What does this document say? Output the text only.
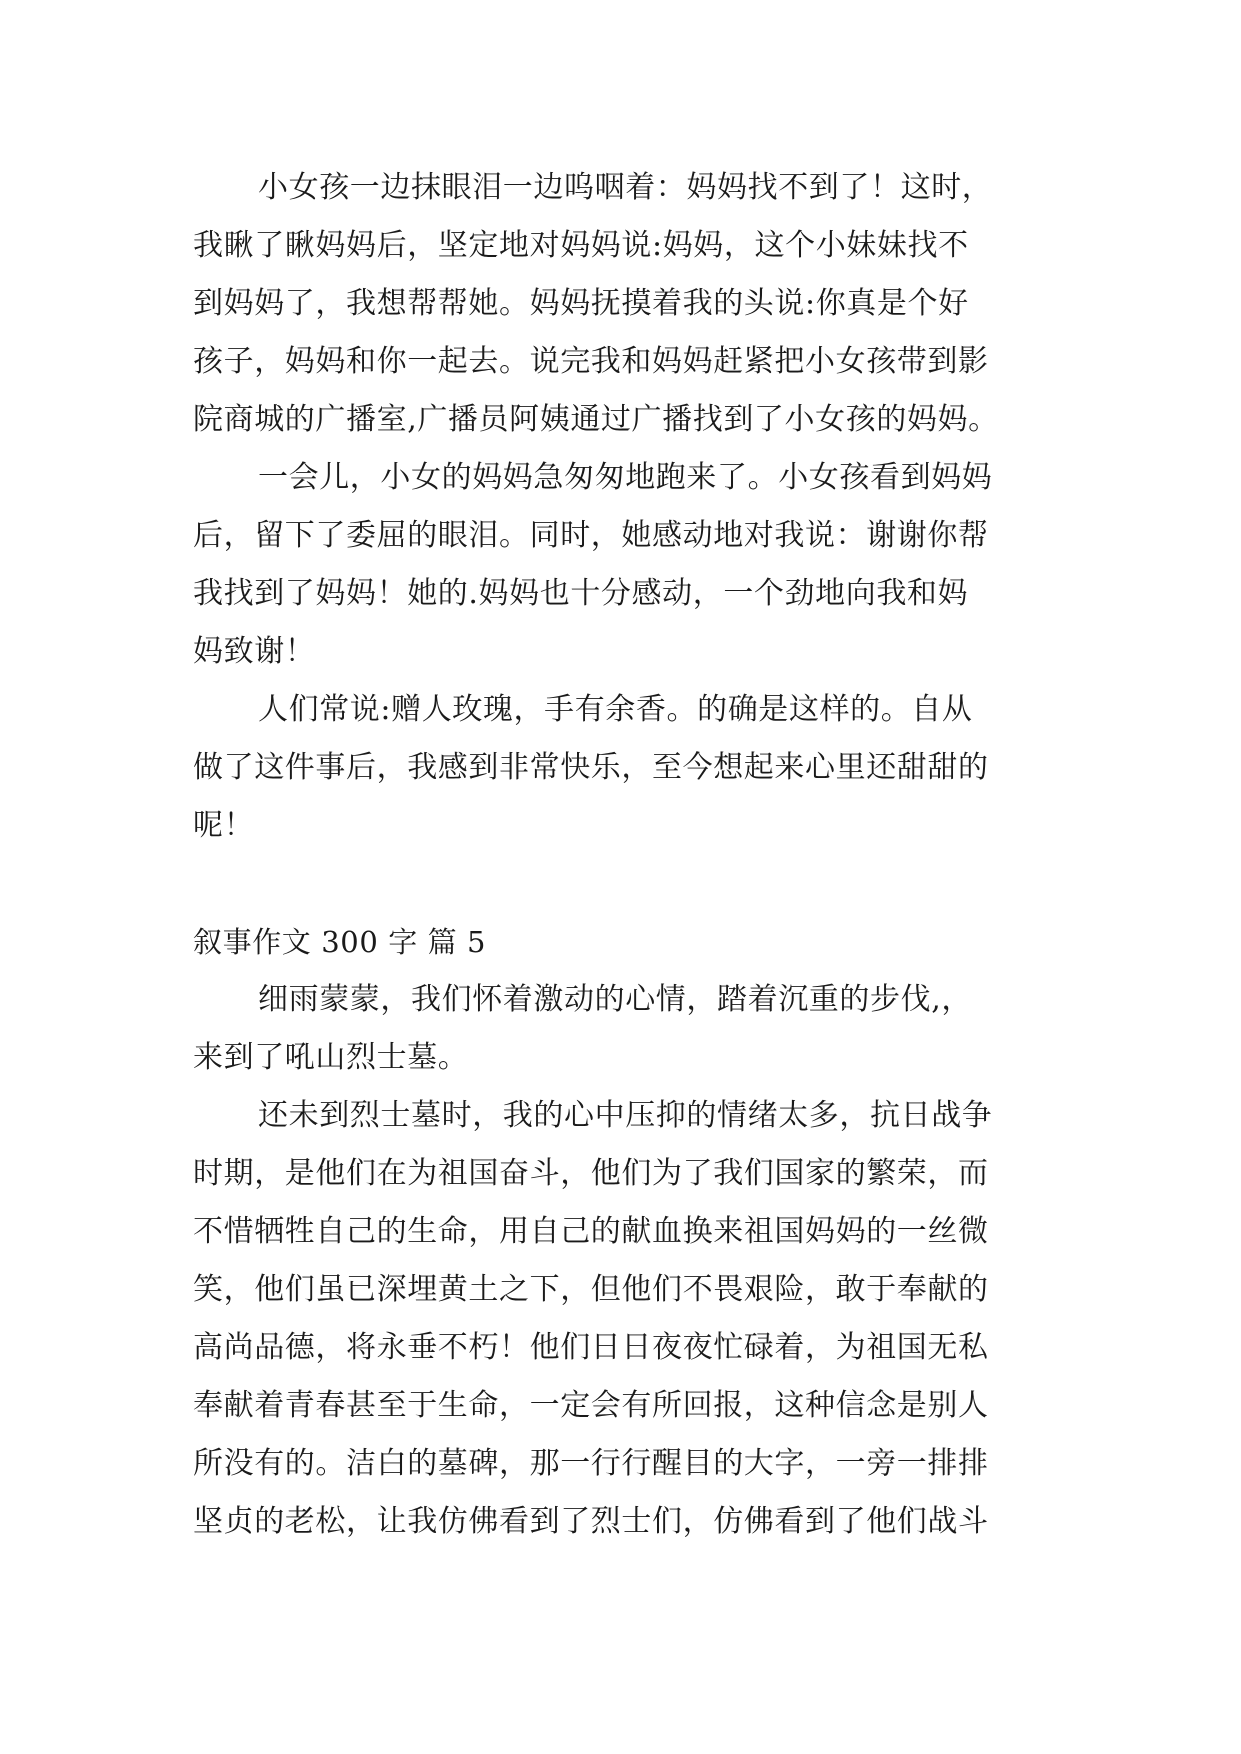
小女孩一边抹眼泪一边呜咽着：妈妈找不到了！这时，
我瞅了瞅妈妈后，坚定地对妈妈说:妈妈，这个小妹妹找不
到妈妈了，我想帮帮她。妈妈抚摸着我的头说:你真是个好
孩子，妈妈和你一起去。说完我和妈妈赶紧把小女孩带到影
院商城的广播室,广播员阿姨通过广播找到了小女孩的妈妈。
一会儿，小女的妈妈急匆匆地跑来了。小女孩看到妈妈
后，留下了委屈的眼泪。同时，她感动地对我说：谢谢你帮
我找到了妈妈！她的.妈妈也十分感动，一个劲地向我和妈
妈致谢！
人们常说:赠人玫瑰，手有余香。的确是这样的。自从
做了这件事后，我感到非常快乐，至今想起来心里还甜甜的
呢！
叙事作文 300 字 篇 5
细雨蒙蒙，我们怀着激动的心情，踏着沉重的步伐,，
来到了吼山烈士墓。
还未到烈士墓时，我的心中压抑的情绪太多，抗日战争
时期，是他们在为祖国奋斗，他们为了我们国家的繁荣，而
不惜牺牲自己的生命，用自己的献血换来祖国妈妈的一丝微
笑，他们虽已深埋黄土之下，但他们不畏艰险，敢于奉献的
高尚品德，将永垂不朽！他们日日夜夜忙碌着，为祖国无私
奉献着青春甚至于生命，一定会有所回报，这种信念是别人
所没有的。洁白的墓碑，那一行行醒目的大字，一旁一排排
坚贞的老松，让我仿佛看到了烈士们，仿佛看到了他们战斗
